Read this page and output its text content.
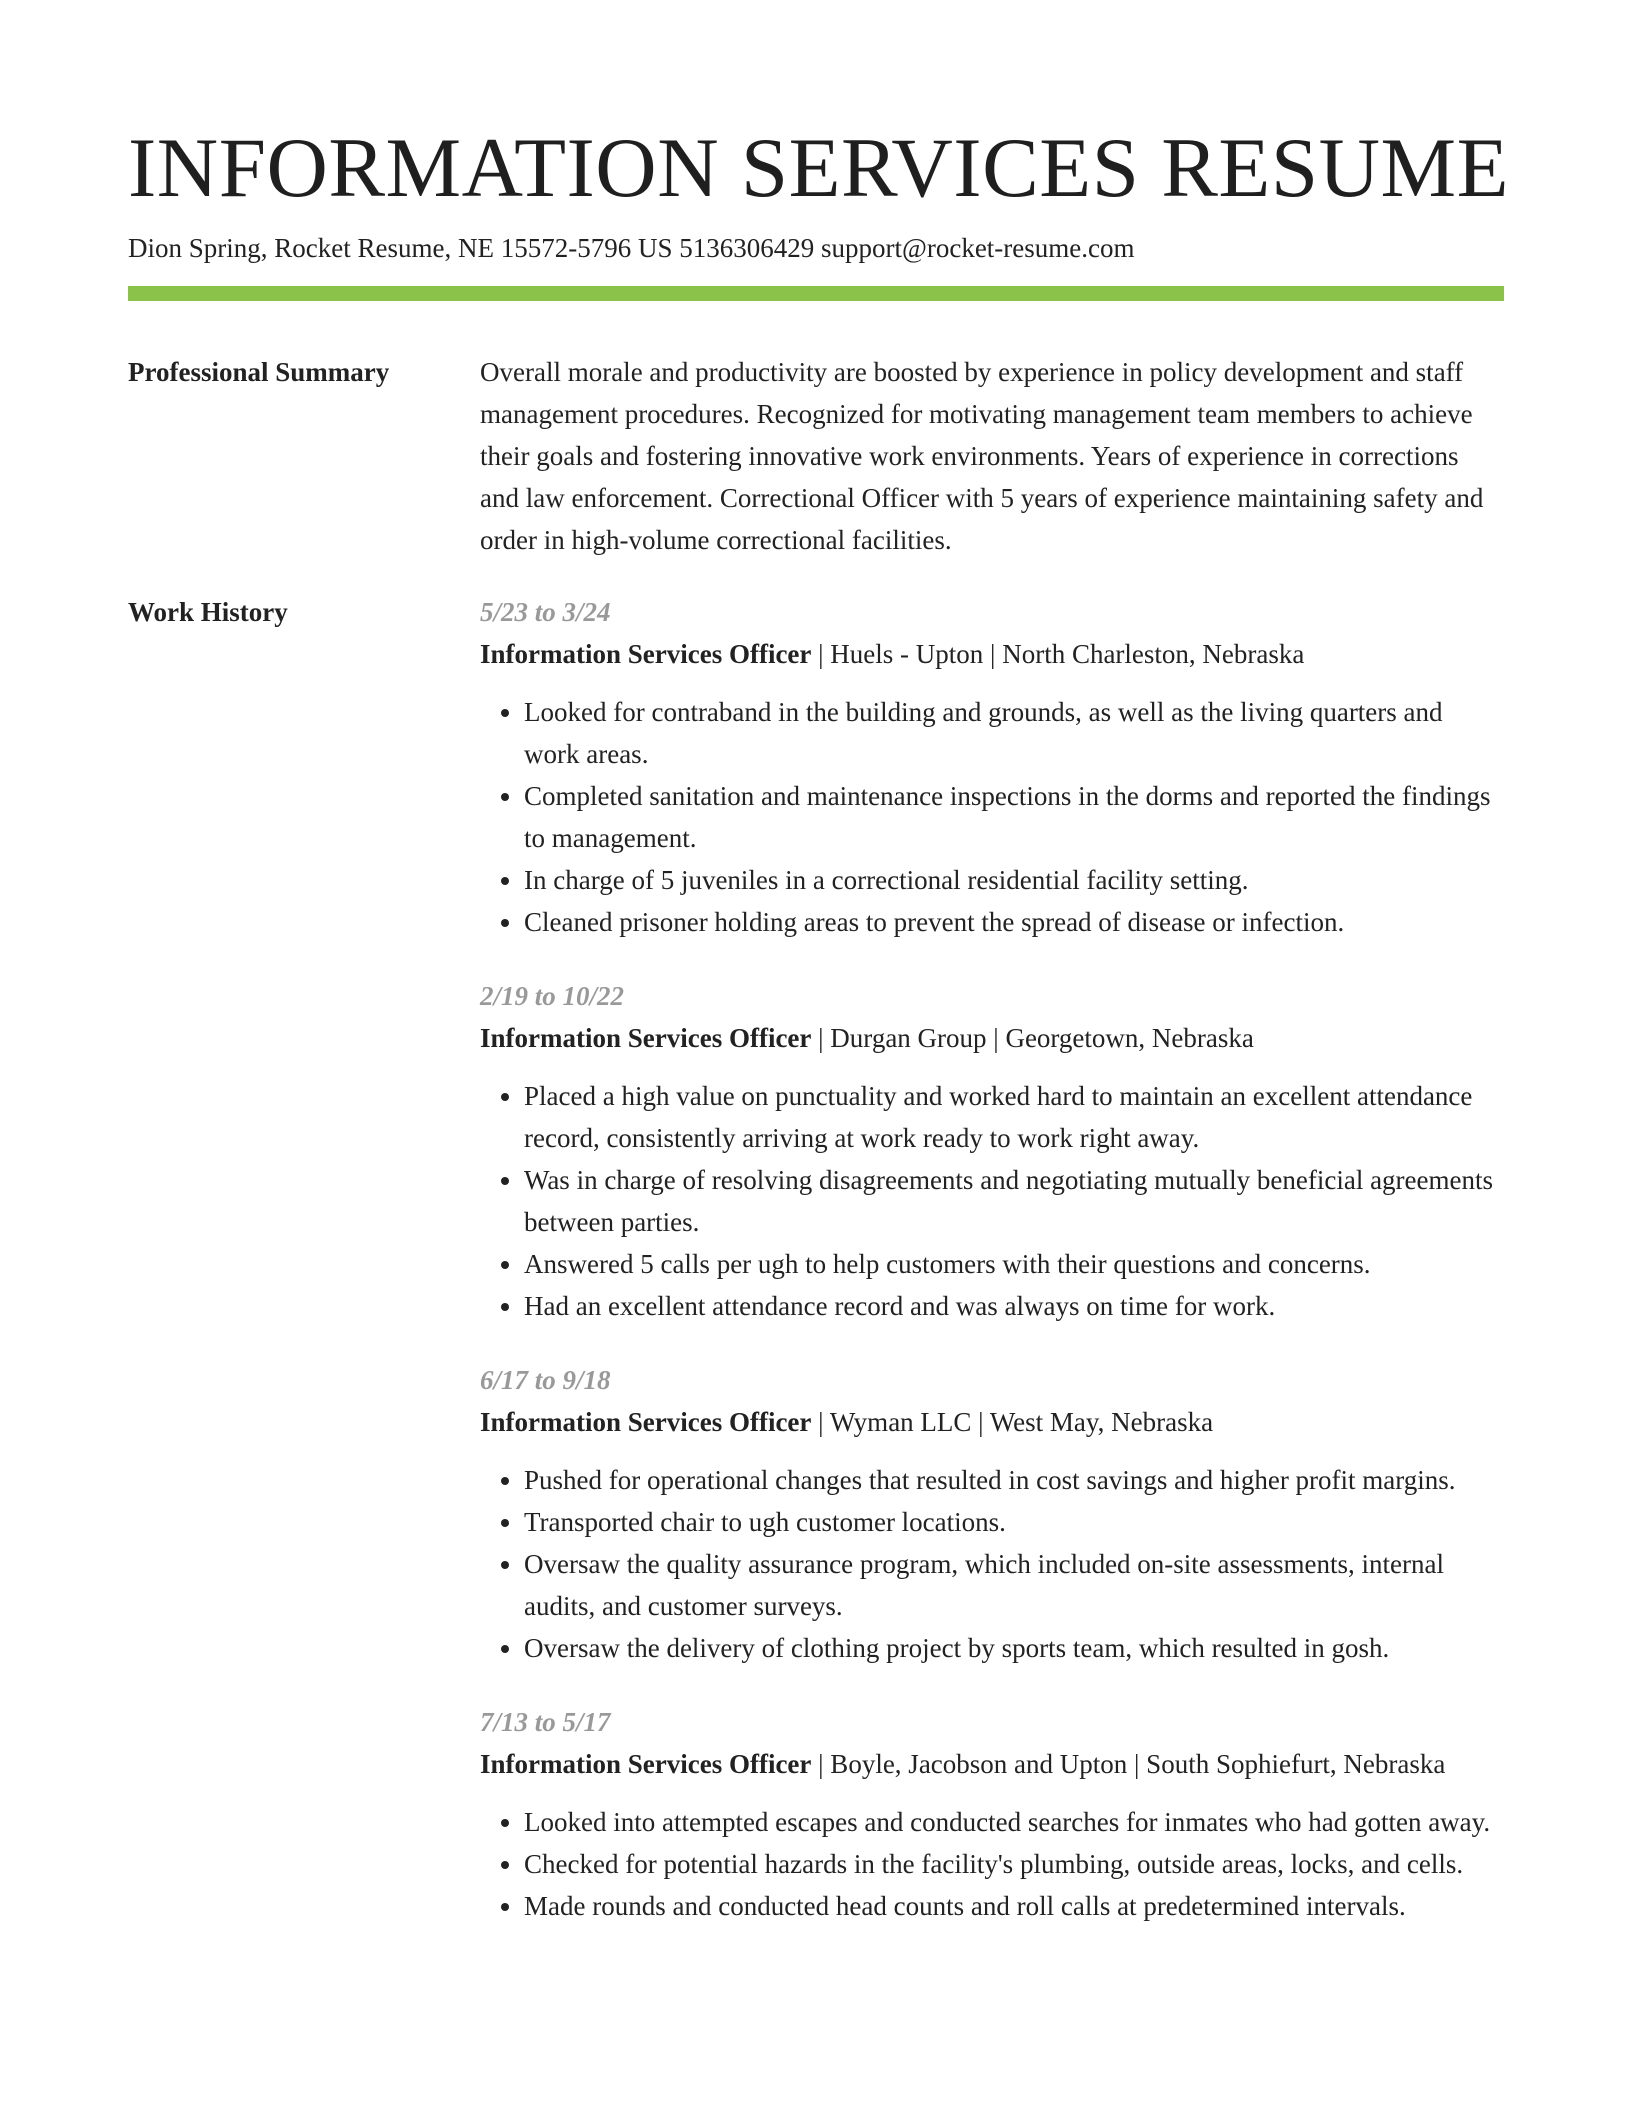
INFORMATION SERVICES RESUME
Dion Spring, Rocket Resume, NE 15572-5796 US 5136306429 support@rocket-resume.com
Professional Summary	Overall morale and productivity are boosted by experience in policy development and staff management procedures. Recognized for motivating management team members to achieve their goals and fostering innovative work environments. Years of experience in corrections and law enforcement. Correctional Officer with 5 years of experience maintaining safety and order in high-volume correctional facilities.

Work History	5/23 to 3/24
Information Services Officer | Huels - Upton | North Charleston, Nebraska
• Looked for contraband in the building and grounds, as well as the living quarters and work areas.
• Completed sanitation and maintenance inspections in the dorms and reported the findings to management.
• In charge of 5 juveniles in a correctional residential facility setting.
• Cleaned prisoner holding areas to prevent the spread of disease or infection.
2/19 to 10/22
Information Services Officer | Durgan Group | Georgetown, Nebraska
• Placed a high value on punctuality and worked hard to maintain an excellent attendance record, consistently arriving at work ready to work right away.
• Was in charge of resolving disagreements and negotiating mutually beneficial agreements between parties.
• Answered 5 calls per ugh to help customers with their questions and concerns.
• Had an excellent attendance record and was always on time for work.
6/17 to 9/18
Information Services Officer | Wyman LLC | West May, Nebraska
• Pushed for operational changes that resulted in cost savings and higher profit margins.
• Transported chair to ugh customer locations.
• Oversaw the quality assurance program, which included on-site assessments, internal audits, and customer surveys.
• Oversaw the delivery of clothing project by sports team, which resulted in gosh.
7/13 to 5/17
Information Services Officer | Boyle, Jacobson and Upton | South Sophiefurt, Nebraska
• Looked into attempted escapes and conducted searches for inmates who had gotten away.
• Checked for potential hazards in the facility's plumbing, outside areas, locks, and cells.
• Made rounds and conducted head counts and roll calls at predetermined intervals.
